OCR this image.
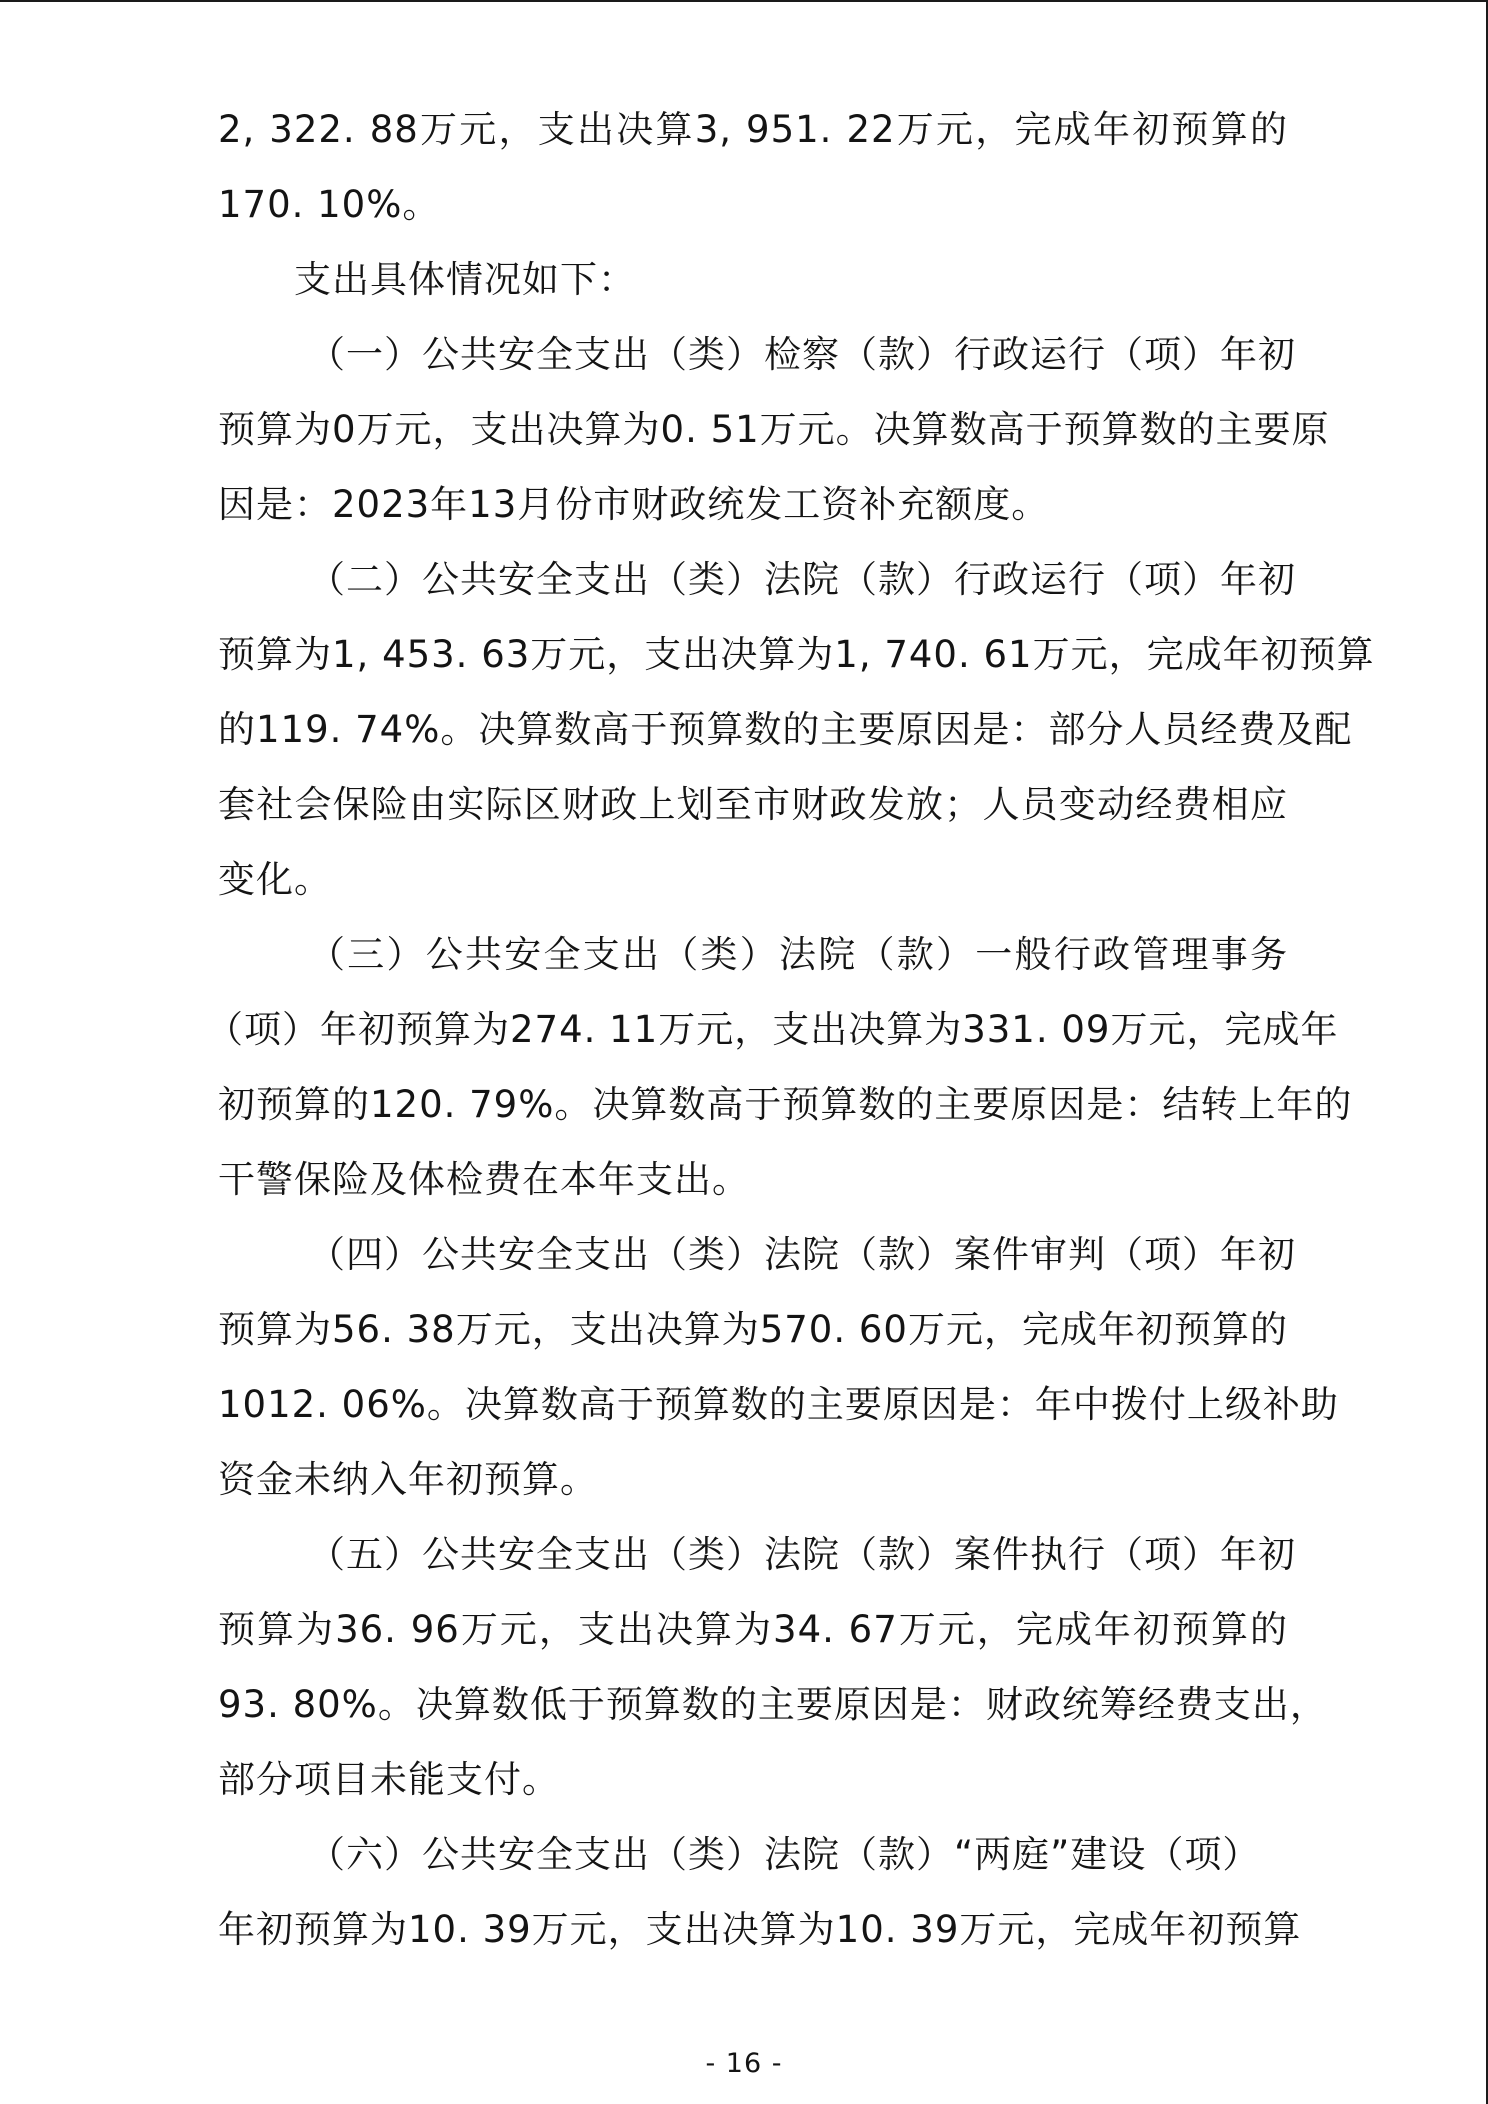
2, 322. 88万元，支出决算3, 951. 22万元，完成年初预算的
170. 10%。
支出具体情况如下：
（一）公共安全支出（类）检察（款）行政运行（项）年初
预算为0万元，支出决算为0. 51万元。决算数高于预算数的主要原
因是：2023年13月份市财政统发工资补充额度。
（二）公共安全支出（类）法院（款）行政运行（项）年初
预算为1, 453. 63万元，支出决算为1, 740. 61万元，完成年初预算
的119. 74%。决算数高于预算数的主要原因是：部分人员经费及配
套社会保险由实际区财政上划至市财政发放；人员变动经费相应
变化。
（三）公共安全支出（类）法院（款）一般行政管理事务
（项）年初预算为274. 11万元，支出决算为331. 09万元，完成年
初预算的120. 79%。决算数高于预算数的主要原因是：结转上年的
干警保险及体检费在本年支出。
（四）公共安全支出（类）法院（款）案件审判（项）年初
预算为56. 38万元，支出决算为570. 60万元，完成年初预算的
1012. 06%。决算数高于预算数的主要原因是：年中拨付上级补助
资金未纳入年初预算。
（五）公共安全支出（类）法院（款）案件执行（项）年初
预算为36. 96万元，支出决算为34. 67万元，完成年初预算的
93. 80%。决算数低于预算数的主要原因是：财政统筹经费支出，
部分项目未能支付。
（六）公共安全支出（类）法院（款）“两庭”建设（项）
年初预算为10. 39万元，支出决算为10. 39万元，完成年初预算
- 16 -
